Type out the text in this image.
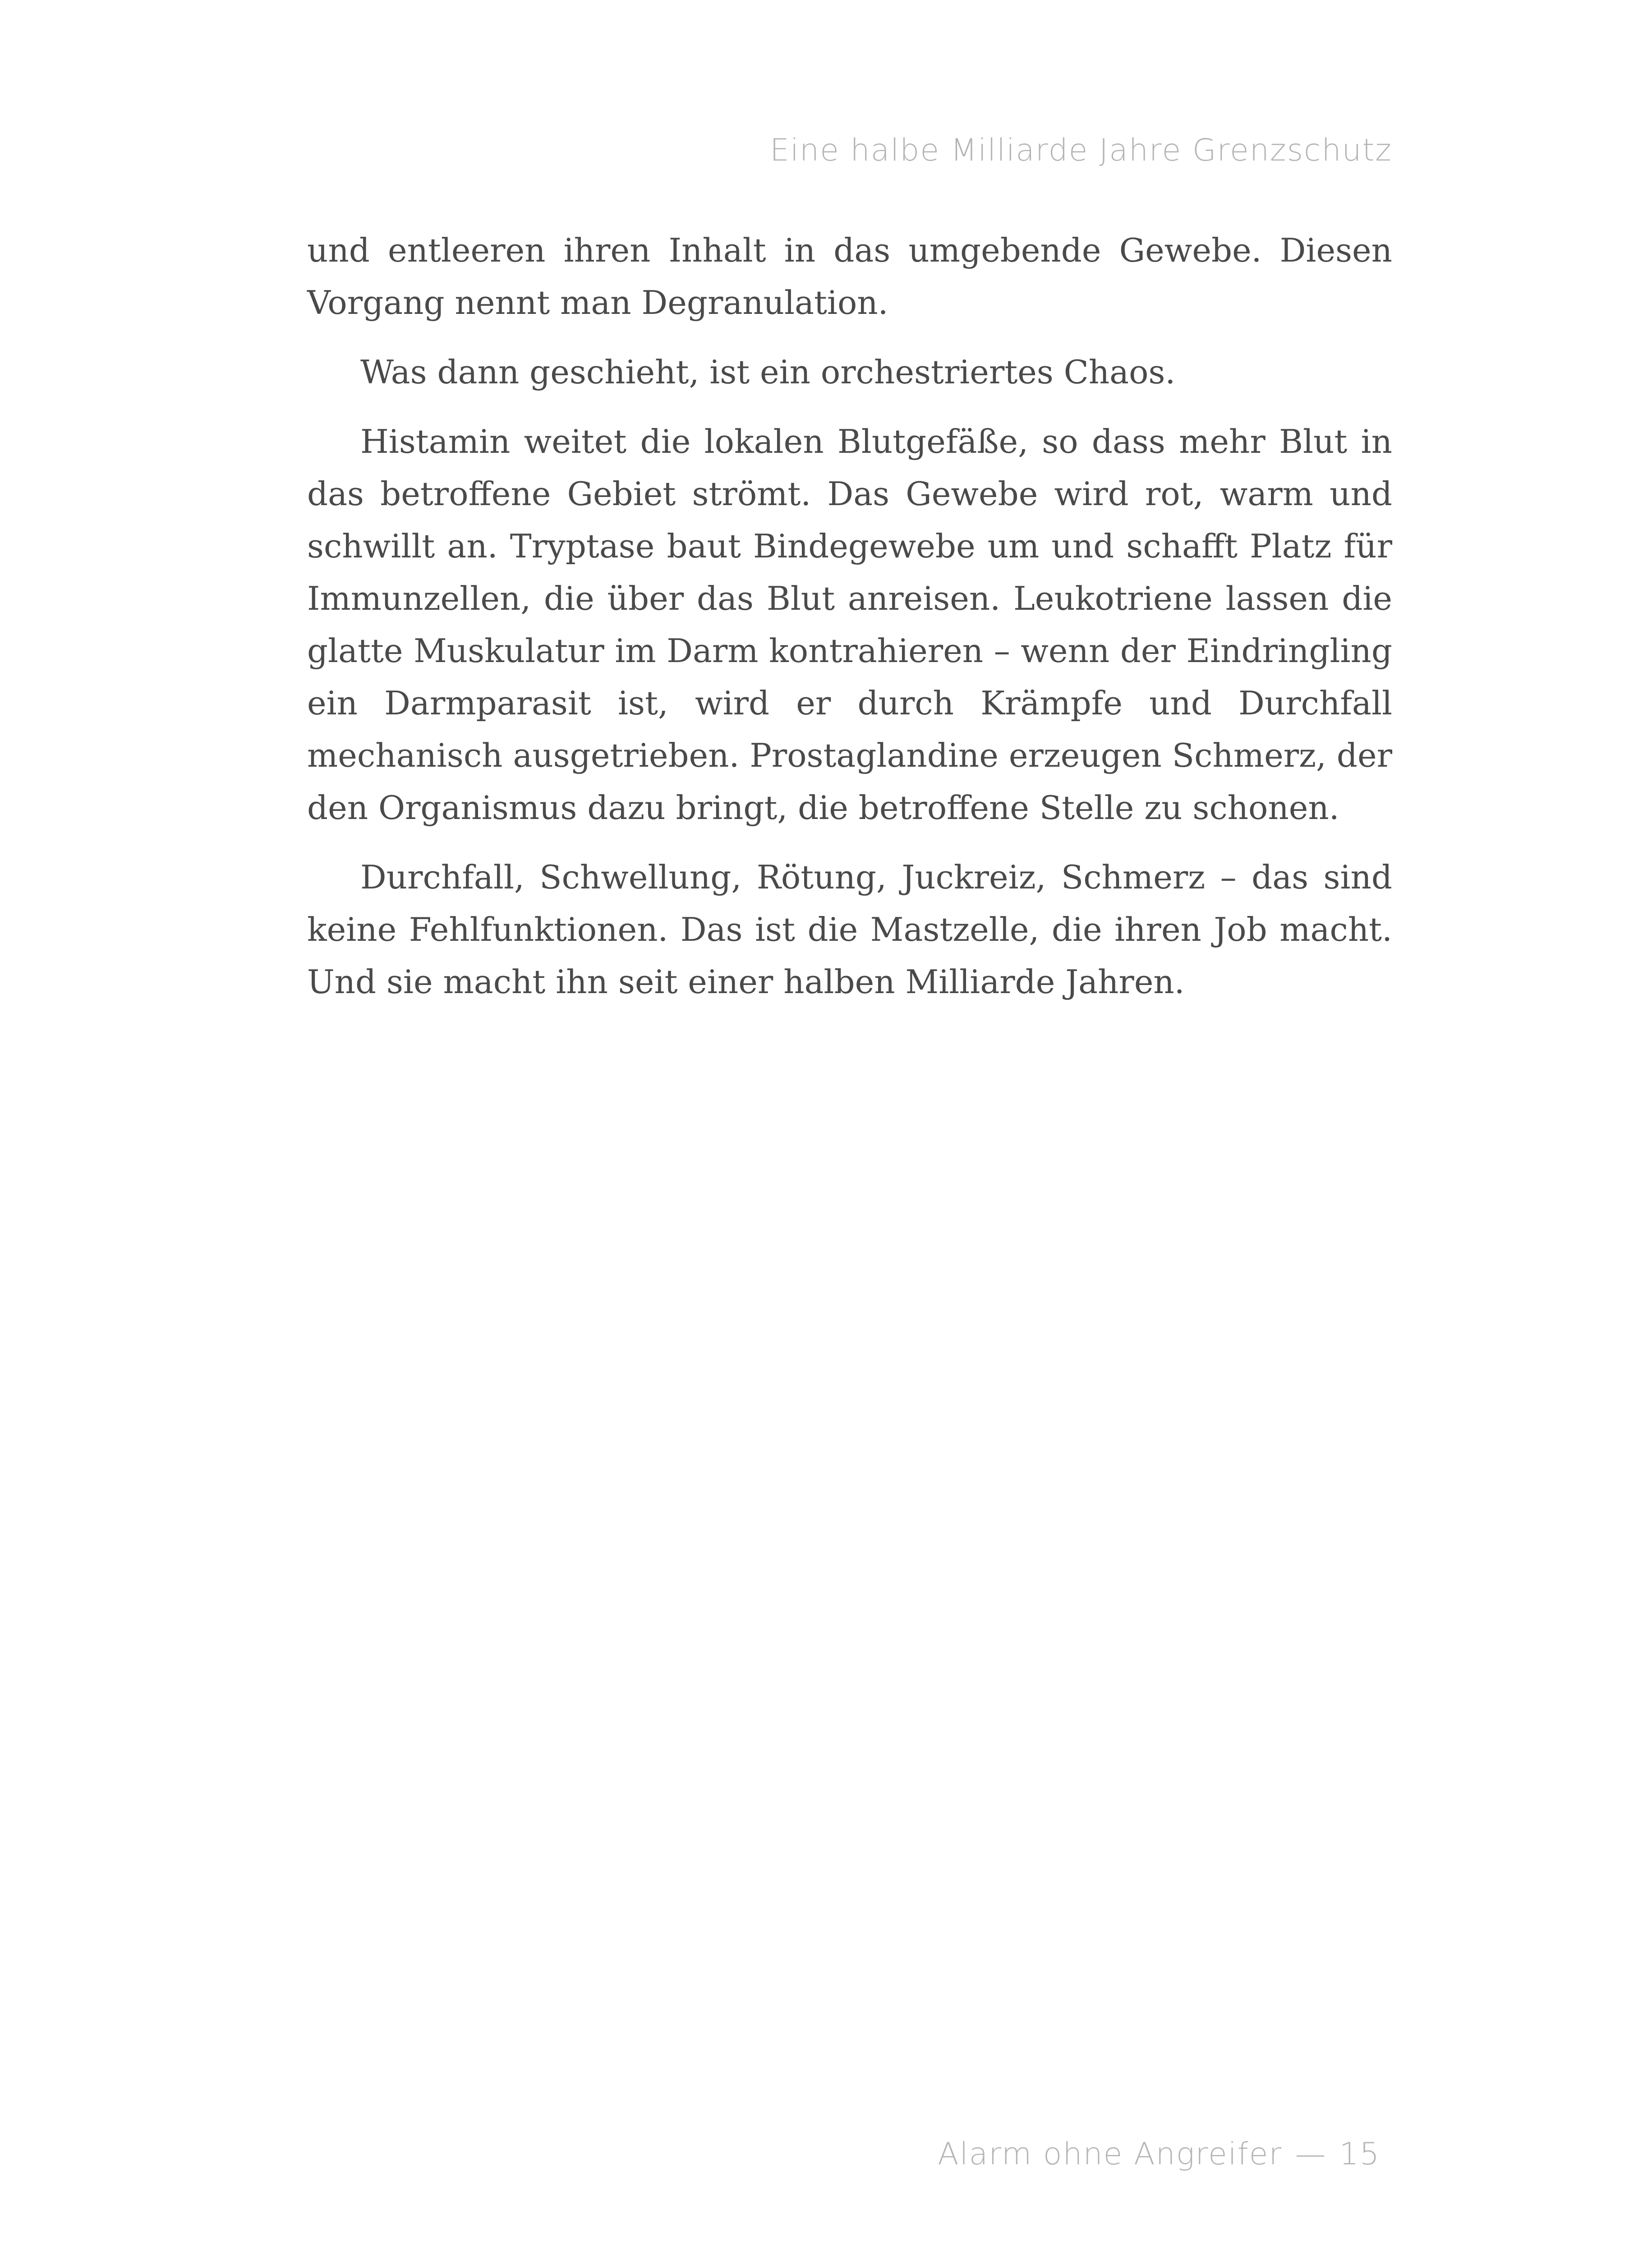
Eine halbe Milliarde Jahre Grenzschutz

und entleeren ihren Inhalt in das umgebende Gewebe. Diesen Vorgang nennt man Degranulation.

Was dann geschieht, ist ein orchestriertes Chaos.

Histamin weitet die lokalen Blutgefäße, so dass mehr Blut in das betroffene Gebiet strömt. Das Gewebe wird rot, warm und schwillt an. Tryptase baut Bindegewebe um und schafft Platz für Immunzellen, die über das Blut anreisen. Leukotriene lassen die glatte Muskulatur im Darm kontrahieren – wenn der Eindringling ein Darmparasit ist, wird er durch Krämpfe und Durchfall mechanisch ausgetrieben. Prostaglandine erzeugen Schmerz, der den Organismus dazu bringt, die betroffene Stelle zu schonen.

Durchfall, Schwellung, Rötung, Juckreiz, Schmerz – das sind keine Fehlfunktionen. Das ist die Mastzelle, die ihren Job macht. Und sie macht ihn seit einer halben Milliarde Jahren.

Alarm ohne Angreifer — 15
